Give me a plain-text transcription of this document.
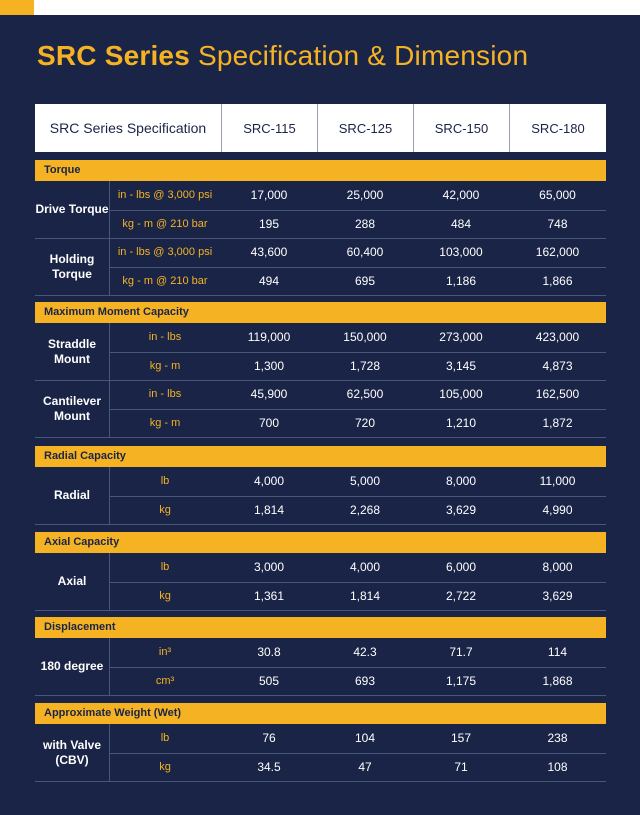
SRC Series Specification & Dimension
SRC Series Specification	SRC-115	SRC-125	SRC-150	SRC-180
Torque
Drive Torque
in - lbs @ 3,000 psi	17,000	25,000	42,000	65,000
kg - m @ 210 bar	195	288	484	748
Holding Torque
in - lbs @ 3,000 psi	43,600	60,400	103,000	162,000
kg - m @ 210 bar	494	695	1,186	1,866
Maximum Moment Capacity
Straddle Mount
in - lbs	119,000	150,000	273,000	423,000
kg - m	1,300	1,728	3,145	4,873
Cantilever Mount
in - lbs	45,900	62,500	105,000	162,500
kg - m	700	720	1,210	1,872
Radial Capacity
Radial
lb	4,000	5,000	8,000	11,000
kg	1,814	2,268	3,629	4,990
Axial Capacity
Axial
lb	3,000	4,000	6,000	8,000
kg	1,361	1,814	2,722	3,629
Displacement
180 degree
in³	30.8	42.3	71.7	114
cm³	505	693	1,175	1,868
Approximate Weight (Wet)
with Valve (CBV)
lb	76	104	157	238
kg	34.5	47	71	108
